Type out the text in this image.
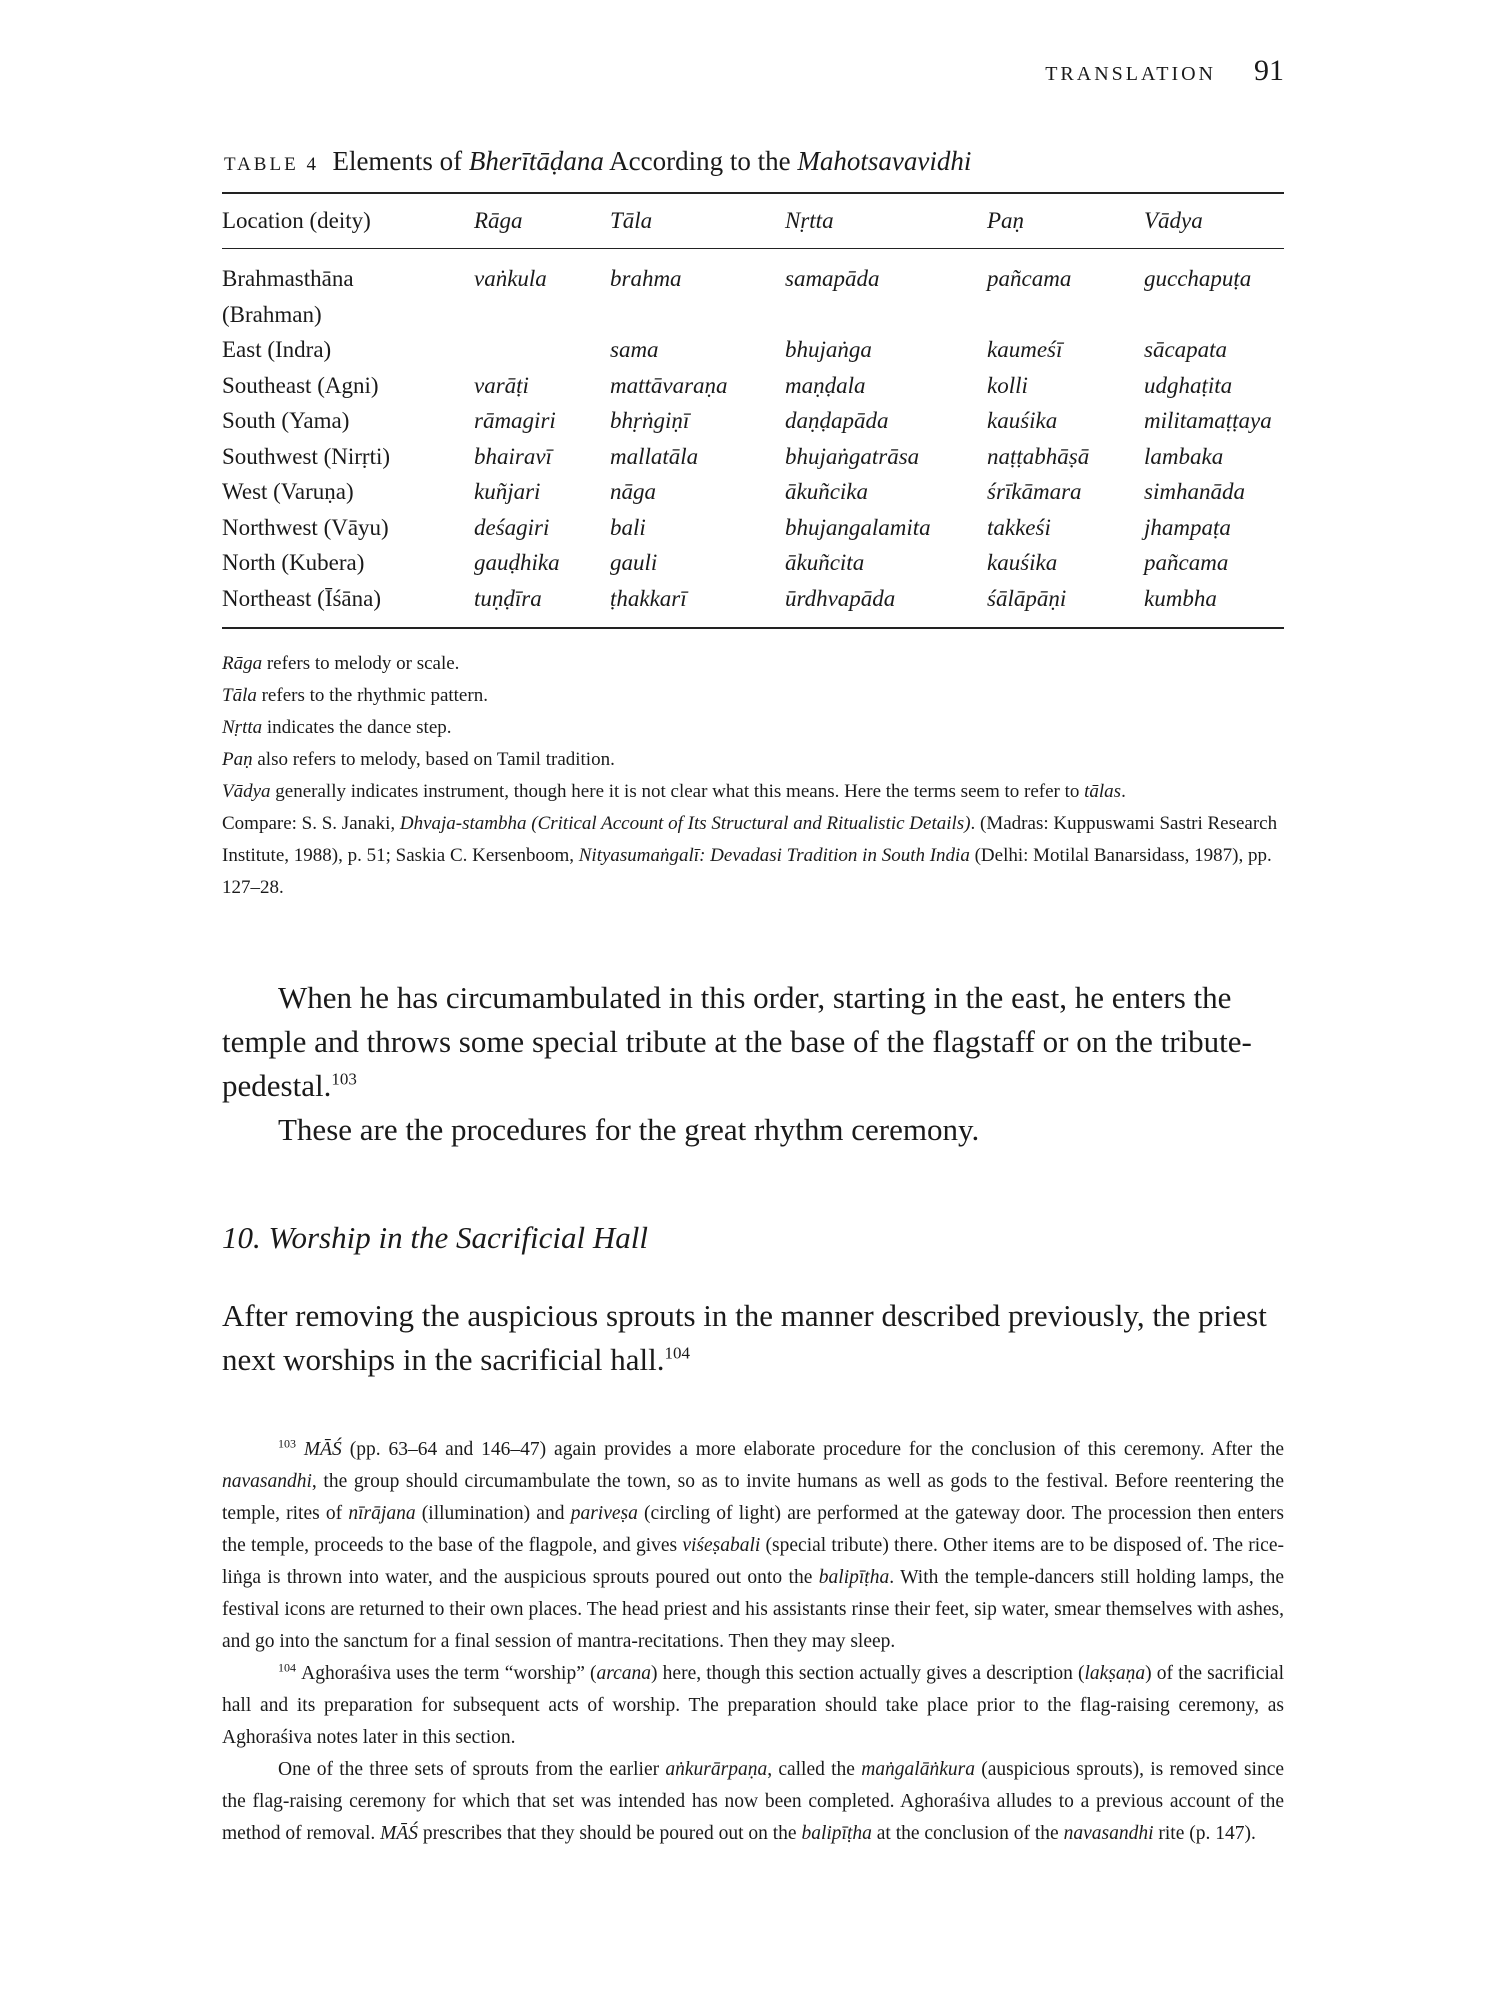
TRANSLATION 91
TABLE 4 Elements of Bherītāḍana According to the Mahotsavavidhi
Location (deity)	Rāga	Tāla	Nṛtta	Paṇ	Vādya
Brahmasthāna	vaṅkula	brahma	samapāda	pañcama	gucchapuṭa
(Brahman)					
East (Indra)		sama	bhujaṅga	kaumeśī	sācapata
Southeast (Agni)	varāṭi	mattāvaraṇa	maṇḍala	kolli	udghaṭita
South (Yama)	rāmagiri	bhṛṅgiṇī	daṇḍapāda	kauśika	militamaṭṭaya
Southwest (Nirṛti)	bhairavī	mallatāla	bhujaṅgatrāsa	naṭṭabhāṣā	lambaka
West (Varuṇa)	kuñjari	nāga	ākuñcika	śrīkāmara	simhanāda
Northwest (Vāyu)	deśagiri	bali	bhujangalamita	takkeśi	jhampaṭa
North (Kubera)	gauḍhika	gauli	ākuñcita	kauśika	pañcama
Northeast (Īśāna)	tuṇḍīra	ṭhakkarī	ūrdhvapāda	śālāpāṇi	kumbha

Rāga refers to melody or scale.

Tāla refers to the rhythmic pattern.

Nṛtta indicates the dance step.

Paṇ also refers to melody, based on Tamil tradition.

Vādya generally indicates instrument, though here it is not clear what this means. Here the terms seem to refer to tālas.

Compare: S. S. Janaki, Dhvaja-stambha (Critical Account of Its Structural and Ritualistic Details). (Madras: Kuppuswami Sastri Research Institute, 1988), p. 51; Saskia C. Kersenboom, Nityasumaṅgalī: Devadasi Tradition in South India (Delhi: Motilal Banarsidass, 1987), pp. 127–28.

When he has circumambulated in this order, starting in the east, he enters the temple and throws some special tribute at the base of the flagstaff or on the tribute-pedestal.$^{103}$

These are the procedures for the great rhythm ceremony.

10. Worship in the Sacrificial Hall

After removing the auspicious sprouts in the manner described previously, the priest next worships in the sacrificial hall.$^{104}$

$^{103}$ MĀŚ (pp. 63–64 and 146–47) again provides a more elaborate procedure for the conclusion of this ceremony. After the navasandhi, the group should circumambulate the town, so as to invite humans as well as gods to the festival. Before reentering the temple, rites of nīrājana (illumination) and pariveṣa (circling of light) are performed at the gateway door. The procession then enters the temple, proceeds to the base of the flagpole, and gives viśeṣabali (special tribute) there. Other items are to be disposed of. The rice-liṅga is thrown into water, and the auspicious sprouts poured out onto the balipīṭha. With the temple-dancers still holding lamps, the festival icons are returned to their own places. The head priest and his assistants rinse their feet, sip water, smear themselves with ashes, and go into the sanctum for a final session of mantra-recitations. Then they may sleep.

$^{104}$ Aghoraśiva uses the term “worship” (arcana) here, though this section actually gives a description (lakṣaṇa) of the sacrificial hall and its preparation for subsequent acts of worship. The preparation should take place prior to the flag-raising ceremony, as Aghoraśiva notes later in this section.

One of the three sets of sprouts from the earlier aṅkurārpaṇa, called the maṅgalāṅkura (auspicious sprouts), is removed since the flag-raising ceremony for which that set was intended has now been completed. Aghoraśiva alludes to a previous account of the method of removal. MĀŚ prescribes that they should be poured out on the balipīṭha at the conclusion of the navasandhi rite (p. 147).
